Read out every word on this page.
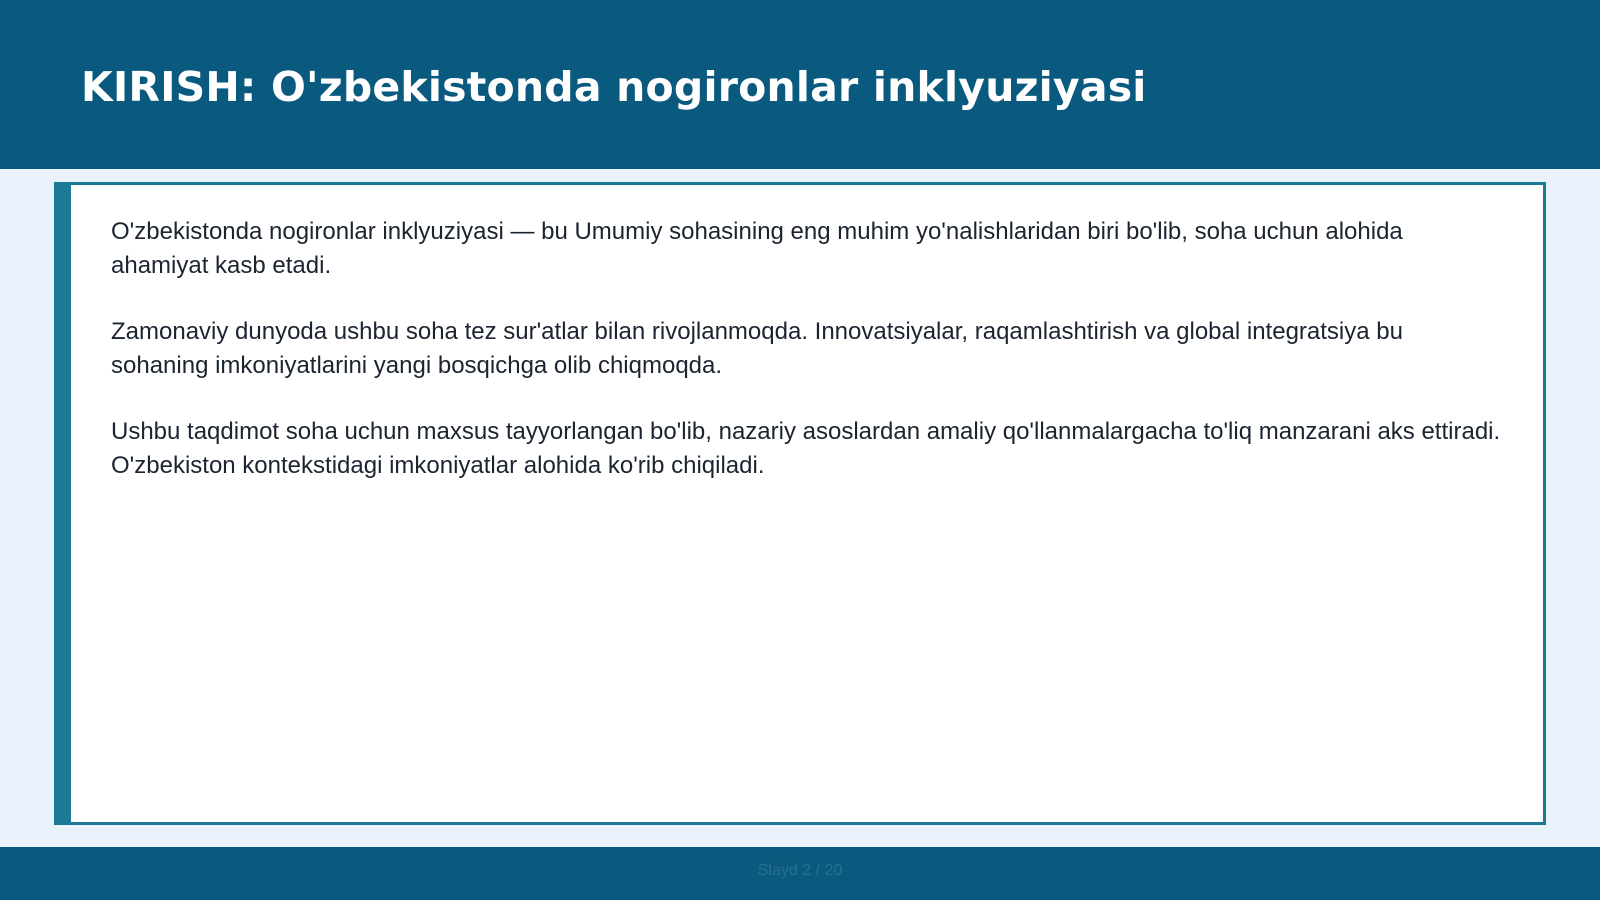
KIRISH: O'zbekistonda nogironlar inklyuziyasi

O'zbekistonda nogironlar inklyuziyasi — bu Umumiy sohasining eng muhim yo'nalishlaridan biri bo'lib, soha uchun alohida ahamiyat kasb etadi.

Zamonaviy dunyoda ushbu soha tez sur'atlar bilan rivojlanmoqda. Innovatsiyalar, raqamlashtirish va global integratsiya bu sohaning imkoniyatlarini yangi bosqichga olib chiqmoqda.

Ushbu taqdimot soha uchun maxsus tayyorlangan bo'lib, nazariy asoslardan amaliy qo'llanmalargacha to'liq manzarani aks ettiradi. O'zbekiston kontekstidagi imkoniyatlar alohida ko'rib chiqiladi.

Slayd 2 / 20
